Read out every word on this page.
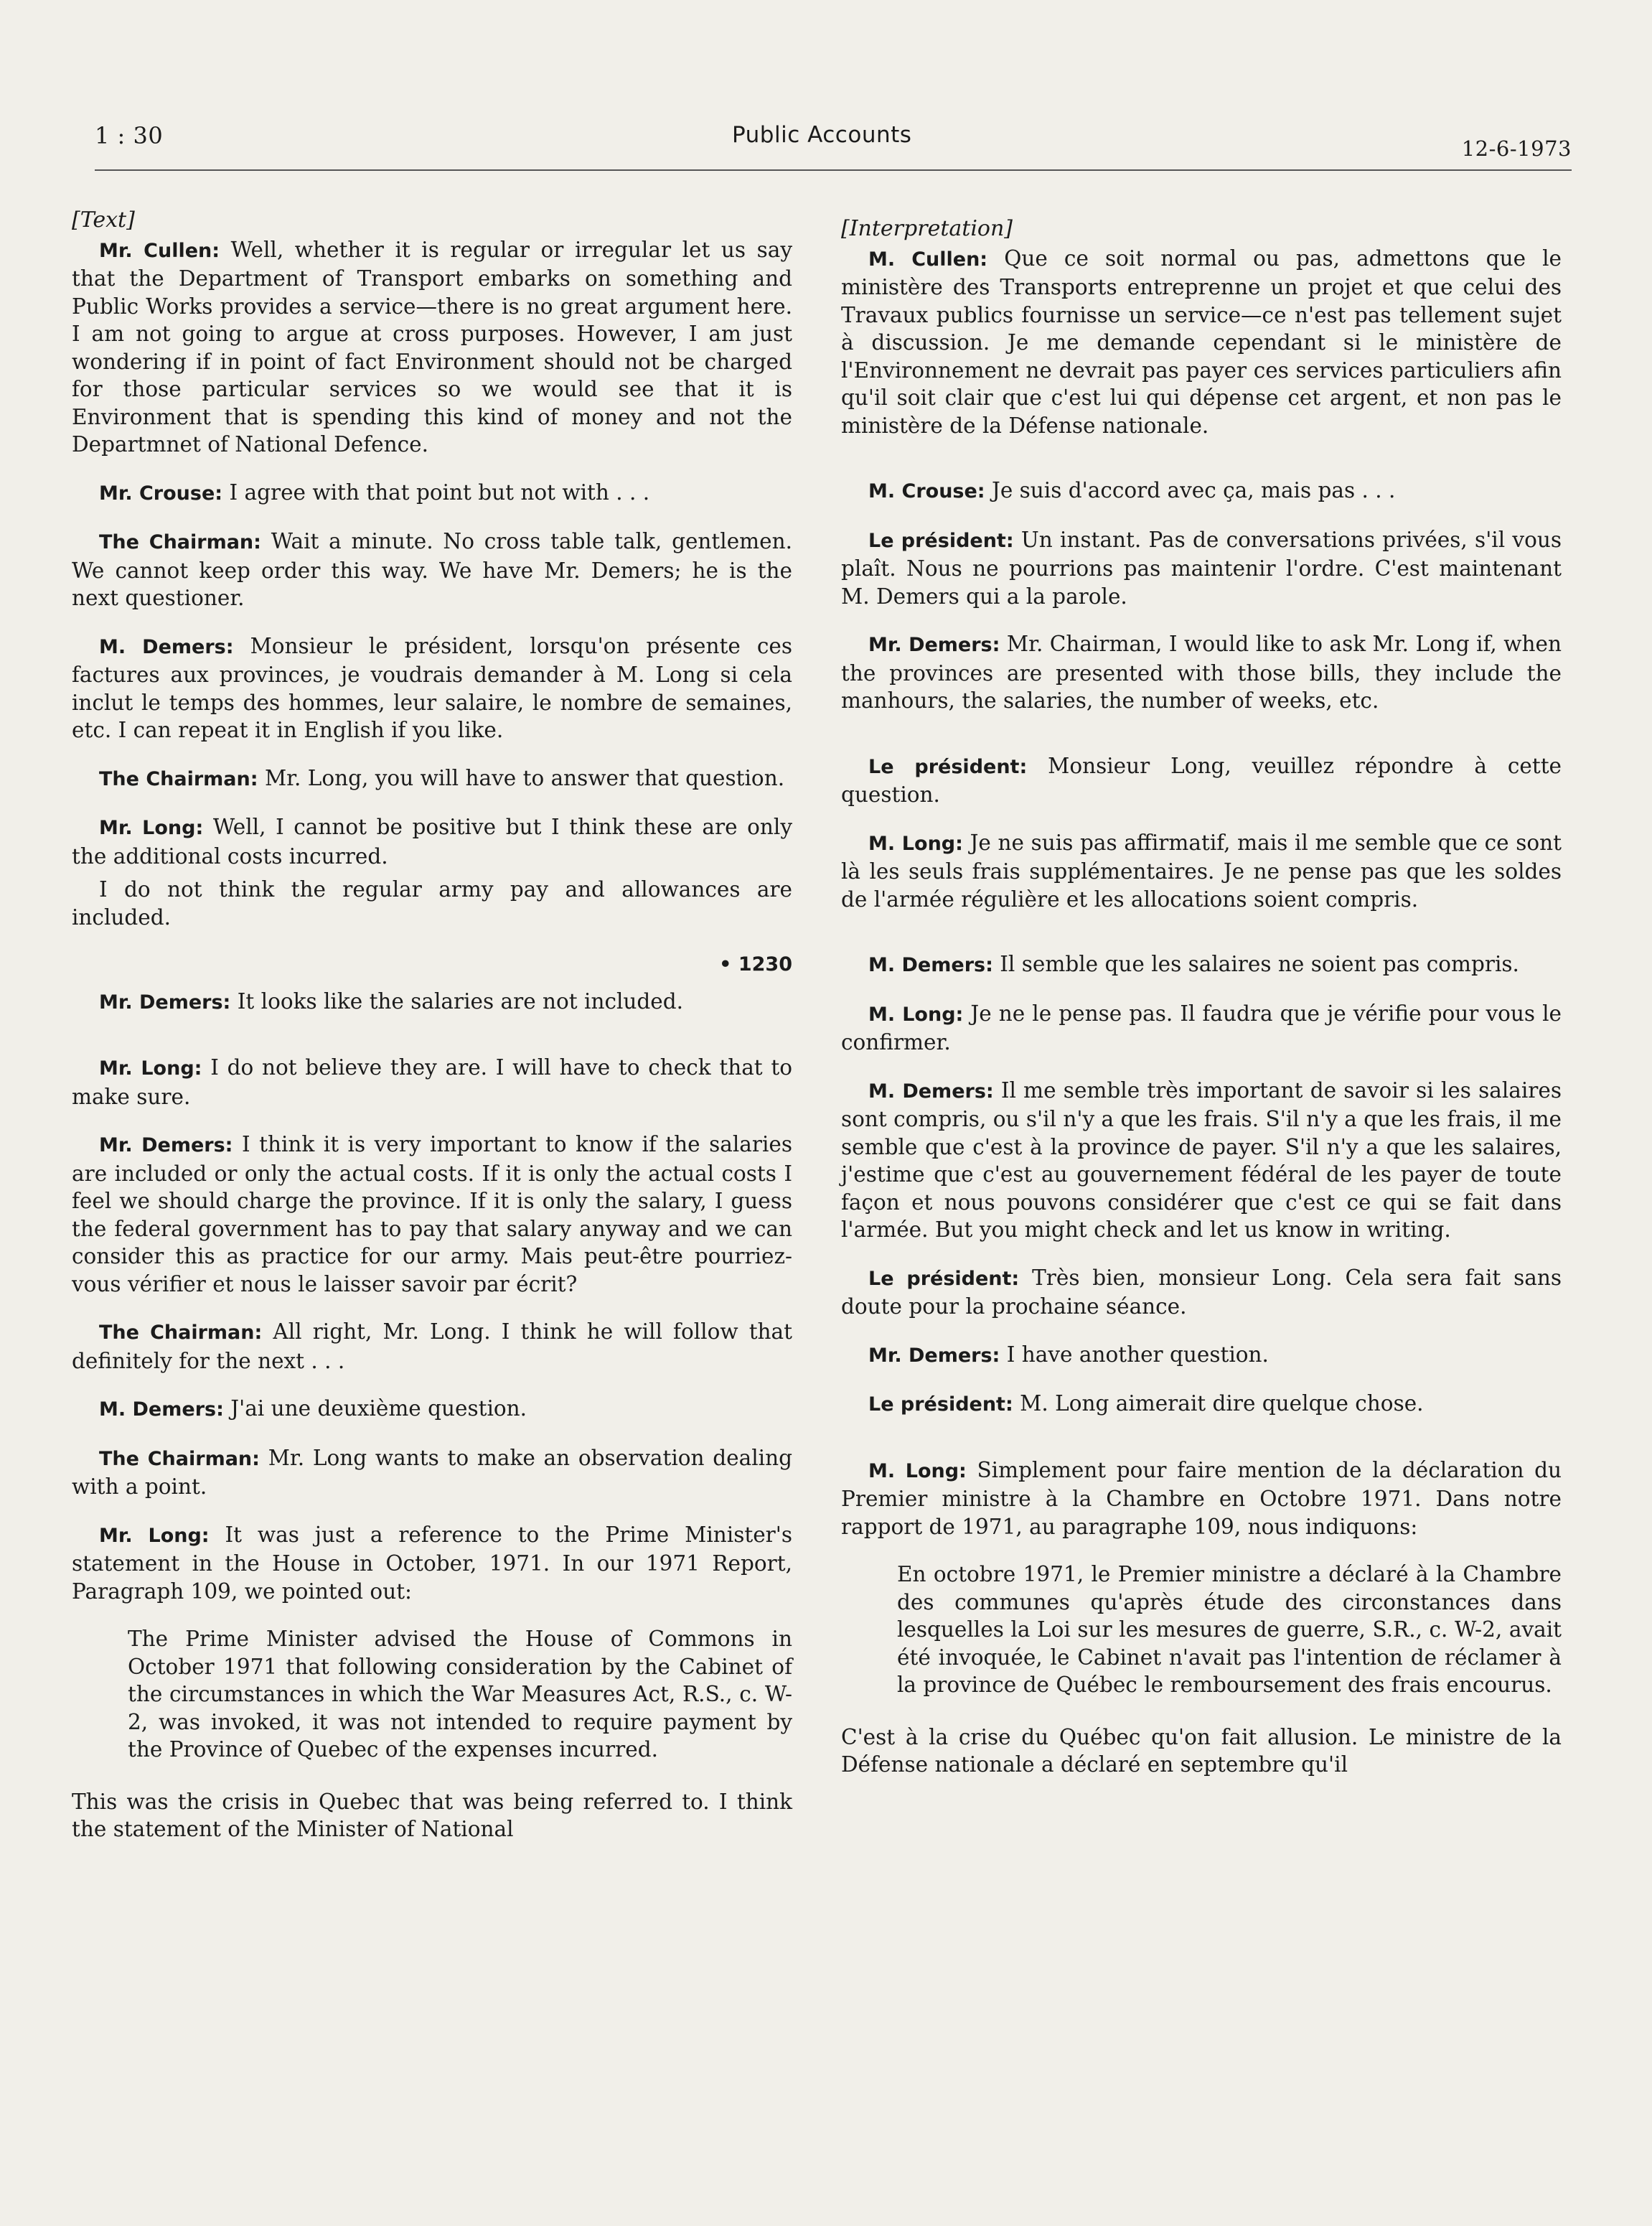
1 : 30	Public Accounts
12-6-1973
[Text]

Mr. Cullen: Well, whether it is regular or irregular let us say that the Department of Transport embarks on something and Public Works provides a service—there is no great argument here. I am not going to argue at cross purposes. However, I am just wondering if in point of fact Environment should not be charged for those particular services so we would see that it is Environment that is spending this kind of money and not the Departmnet of National Defence.

Mr. Crouse: I agree with that point but not with . . .

The Chairman: Wait a minute. No cross table talk, gentlemen. We cannot keep order this way. We have Mr. Demers; he is the next questioner.

M. Demers: Monsieur le président, lorsqu'on présente ces factures aux provinces, je voudrais demander à M. Long si cela inclut le temps des hommes, leur salaire, le nombre de semaines, etc. I can repeat it in English if you like.

The Chairman: Mr. Long, you will have to answer that question.

Mr. Long: Well, I cannot be positive but I think these are only the additional costs incurred.

I do not think the regular army pay and allowances are included.

• 1230

Mr. Demers: It looks like the salaries are not included.

Mr. Long: I do not believe they are. I will have to check that to make sure.

Mr. Demers: I think it is very important to know if the salaries are included or only the actual costs. If it is only the actual costs I feel we should charge the province. If it is only the salary, I guess the federal government has to pay that salary anyway and we can consider this as practice for our army. Mais peut-être pourriez-vous vérifier et nous le laisser savoir par écrit?

The Chairman: All right, Mr. Long. I think he will follow that definitely for the next . . .

M. Demers: J'ai une deuxième question.

The Chairman: Mr. Long wants to make an observation dealing with a point.

Mr. Long: It was just a reference to the Prime Minister's statement in the House in October, 1971. In our 1971 Report, Paragraph 109, we pointed out:

The Prime Minister advised the House of Commons in October 1971 that following consideration by the Cabinet of the circumstances in which the War Measures Act, R.S., c. W-2, was invoked, it was not intended to require payment by the Province of Quebec of the expenses incurred.

This was the crisis in Quebec that was being referred to. I think the statement of the Minister of National

[Interpretation]

M. Cullen: Que ce soit normal ou pas, admettons que le ministère des Transports entreprenne un projet et que celui des Travaux publics fournisse un service—ce n'est pas tellement sujet à discussion. Je me demande cependant si le ministère de l'Environnement ne devrait pas payer ces services particuliers afin qu'il soit clair que c'est lui qui dépense cet argent, et non pas le ministère de la Défense nationale.

M. Crouse: Je suis d'accord avec ça, mais pas . . .

Le président: Un instant. Pas de conversations privées, s'il vous plaît. Nous ne pourrions pas maintenir l'ordre. C'est maintenant M. Demers qui a la parole.

Mr. Demers: Mr. Chairman, I would like to ask Mr. Long if, when the provinces are presented with those bills, they include the manhours, the salaries, the number of weeks, etc.

Le président: Monsieur Long, veuillez répondre à cette question.

M. Long: Je ne suis pas affirmatif, mais il me semble que ce sont là les seuls frais supplémentaires. Je ne pense pas que les soldes de l'armée régulière et les allocations soient compris.

M. Demers: Il semble que les salaires ne soient pas compris.

M. Long: Je ne le pense pas. Il faudra que je vérifie pour vous le confirmer.

M. Demers: Il me semble très important de savoir si les salaires sont compris, ou s'il n'y a que les frais. S'il n'y a que les frais, il me semble que c'est à la province de payer. S'il n'y a que les salaires, j'estime que c'est au gouvernement fédéral de les payer de toute façon et nous pouvons considérer que c'est ce qui se fait dans l'armée. But you might check and let us know in writing.

Le président: Très bien, monsieur Long. Cela sera fait sans doute pour la prochaine séance.

Mr. Demers: I have another question.

Le président: M. Long aimerait dire quelque chose.

M. Long: Simplement pour faire mention de la déclaration du Premier ministre à la Chambre en Octobre 1971. Dans notre rapport de 1971, au paragraphe 109, nous indiquons:

En octobre 1971, le Premier ministre a déclaré à la Chambre des communes qu'après étude des circonstances dans lesquelles la Loi sur les mesures de guerre, S.R., c. W-2, avait été invoquée, le Cabinet n'avait pas l'intention de réclamer à la province de Québec le remboursement des frais encourus.

C'est à la crise du Québec qu'on fait allusion. Le ministre de la Défense nationale a déclaré en septembre qu'il
